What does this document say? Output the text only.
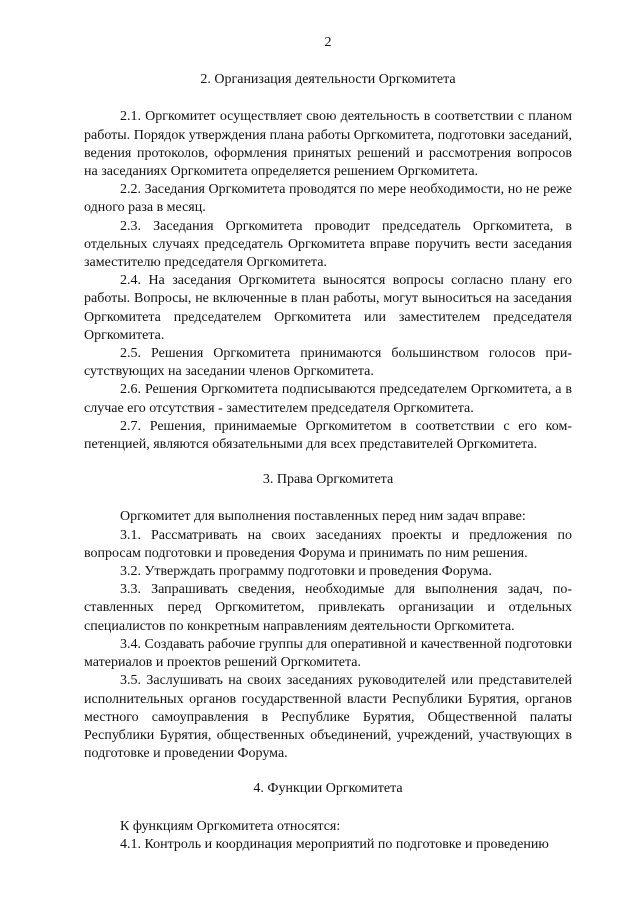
2
2. Организация деятельности Оргкомитета

2.1. Оргкомитет осуществляет свою деятельность в соответствии с планом работы. Порядок утверждения плана работы Оргкомитета, подготовки заседаний, ведения протоколов, оформления принятых решений и рассмотрения вопросов на заседаниях Оргкомитета определяется решением Оргкомитета.

2.2. Заседания Оргкомитета проводятся по мере необходимости, но не реже одного раза в месяц.

2.3. Заседания Оргкомитета проводит председатель Оргкомитета, в отдельных случаях председатель Оргкомитета вправе поручить вести заседания заместителю председателя Оргкомитета.

2.4. На заседания Оргкомитета выносятся вопросы согласно плану его работы. Вопросы, не включенные в план работы, могут выноситься на заседания Оргкомитета председателем Оргкомитета или заместителем председателя Оргкомитета.

2.5. Решения Оргкомитета принимаются большинством голосов присутствующих на заседании членов Оргкомитета.

2.6. Решения Оргкомитета подписываются председателем Оргкомитета, а в случае его отсутствия - заместителем председателя Оргкомитета.

2.7. Решения, принимаемые Оргкомитетом в соответствии с его компетенцией, являются обязательными для всех представителей Оргкомитета.

3. Права Оргкомитета

Оргкомитет для выполнения поставленных перед ним задач вправе:

3.1. Рассматривать на своих заседаниях проекты и предложения по вопросам подготовки и проведения Форума и принимать по ним решения.

3.2. Утверждать программу подготовки и проведения Форума.

3.3. Запрашивать сведения, необходимые для выполнения задач, поставленных перед Оргкомитетом, привлекать организации и отдельных специалистов по конкретным направлениям деятельности Оргкомитета.

3.4. Создавать рабочие группы для оперативной и качественной подготовки материалов и проектов решений Оргкомитета.

3.5. Заслушивать на своих заседаниях руководителей или представителей исполнительных органов государственной власти Республики Бурятия, органов местного самоуправления в Республике Бурятия, Общественной палаты Республики Бурятия, общественных объединений, учреждений, участвующих в подготовке и проведении Форума.

4. Функции Оргкомитета

К функциям Оргкомитета относятся:

4.1. Контроль и координация мероприятий по подготовке и проведению
